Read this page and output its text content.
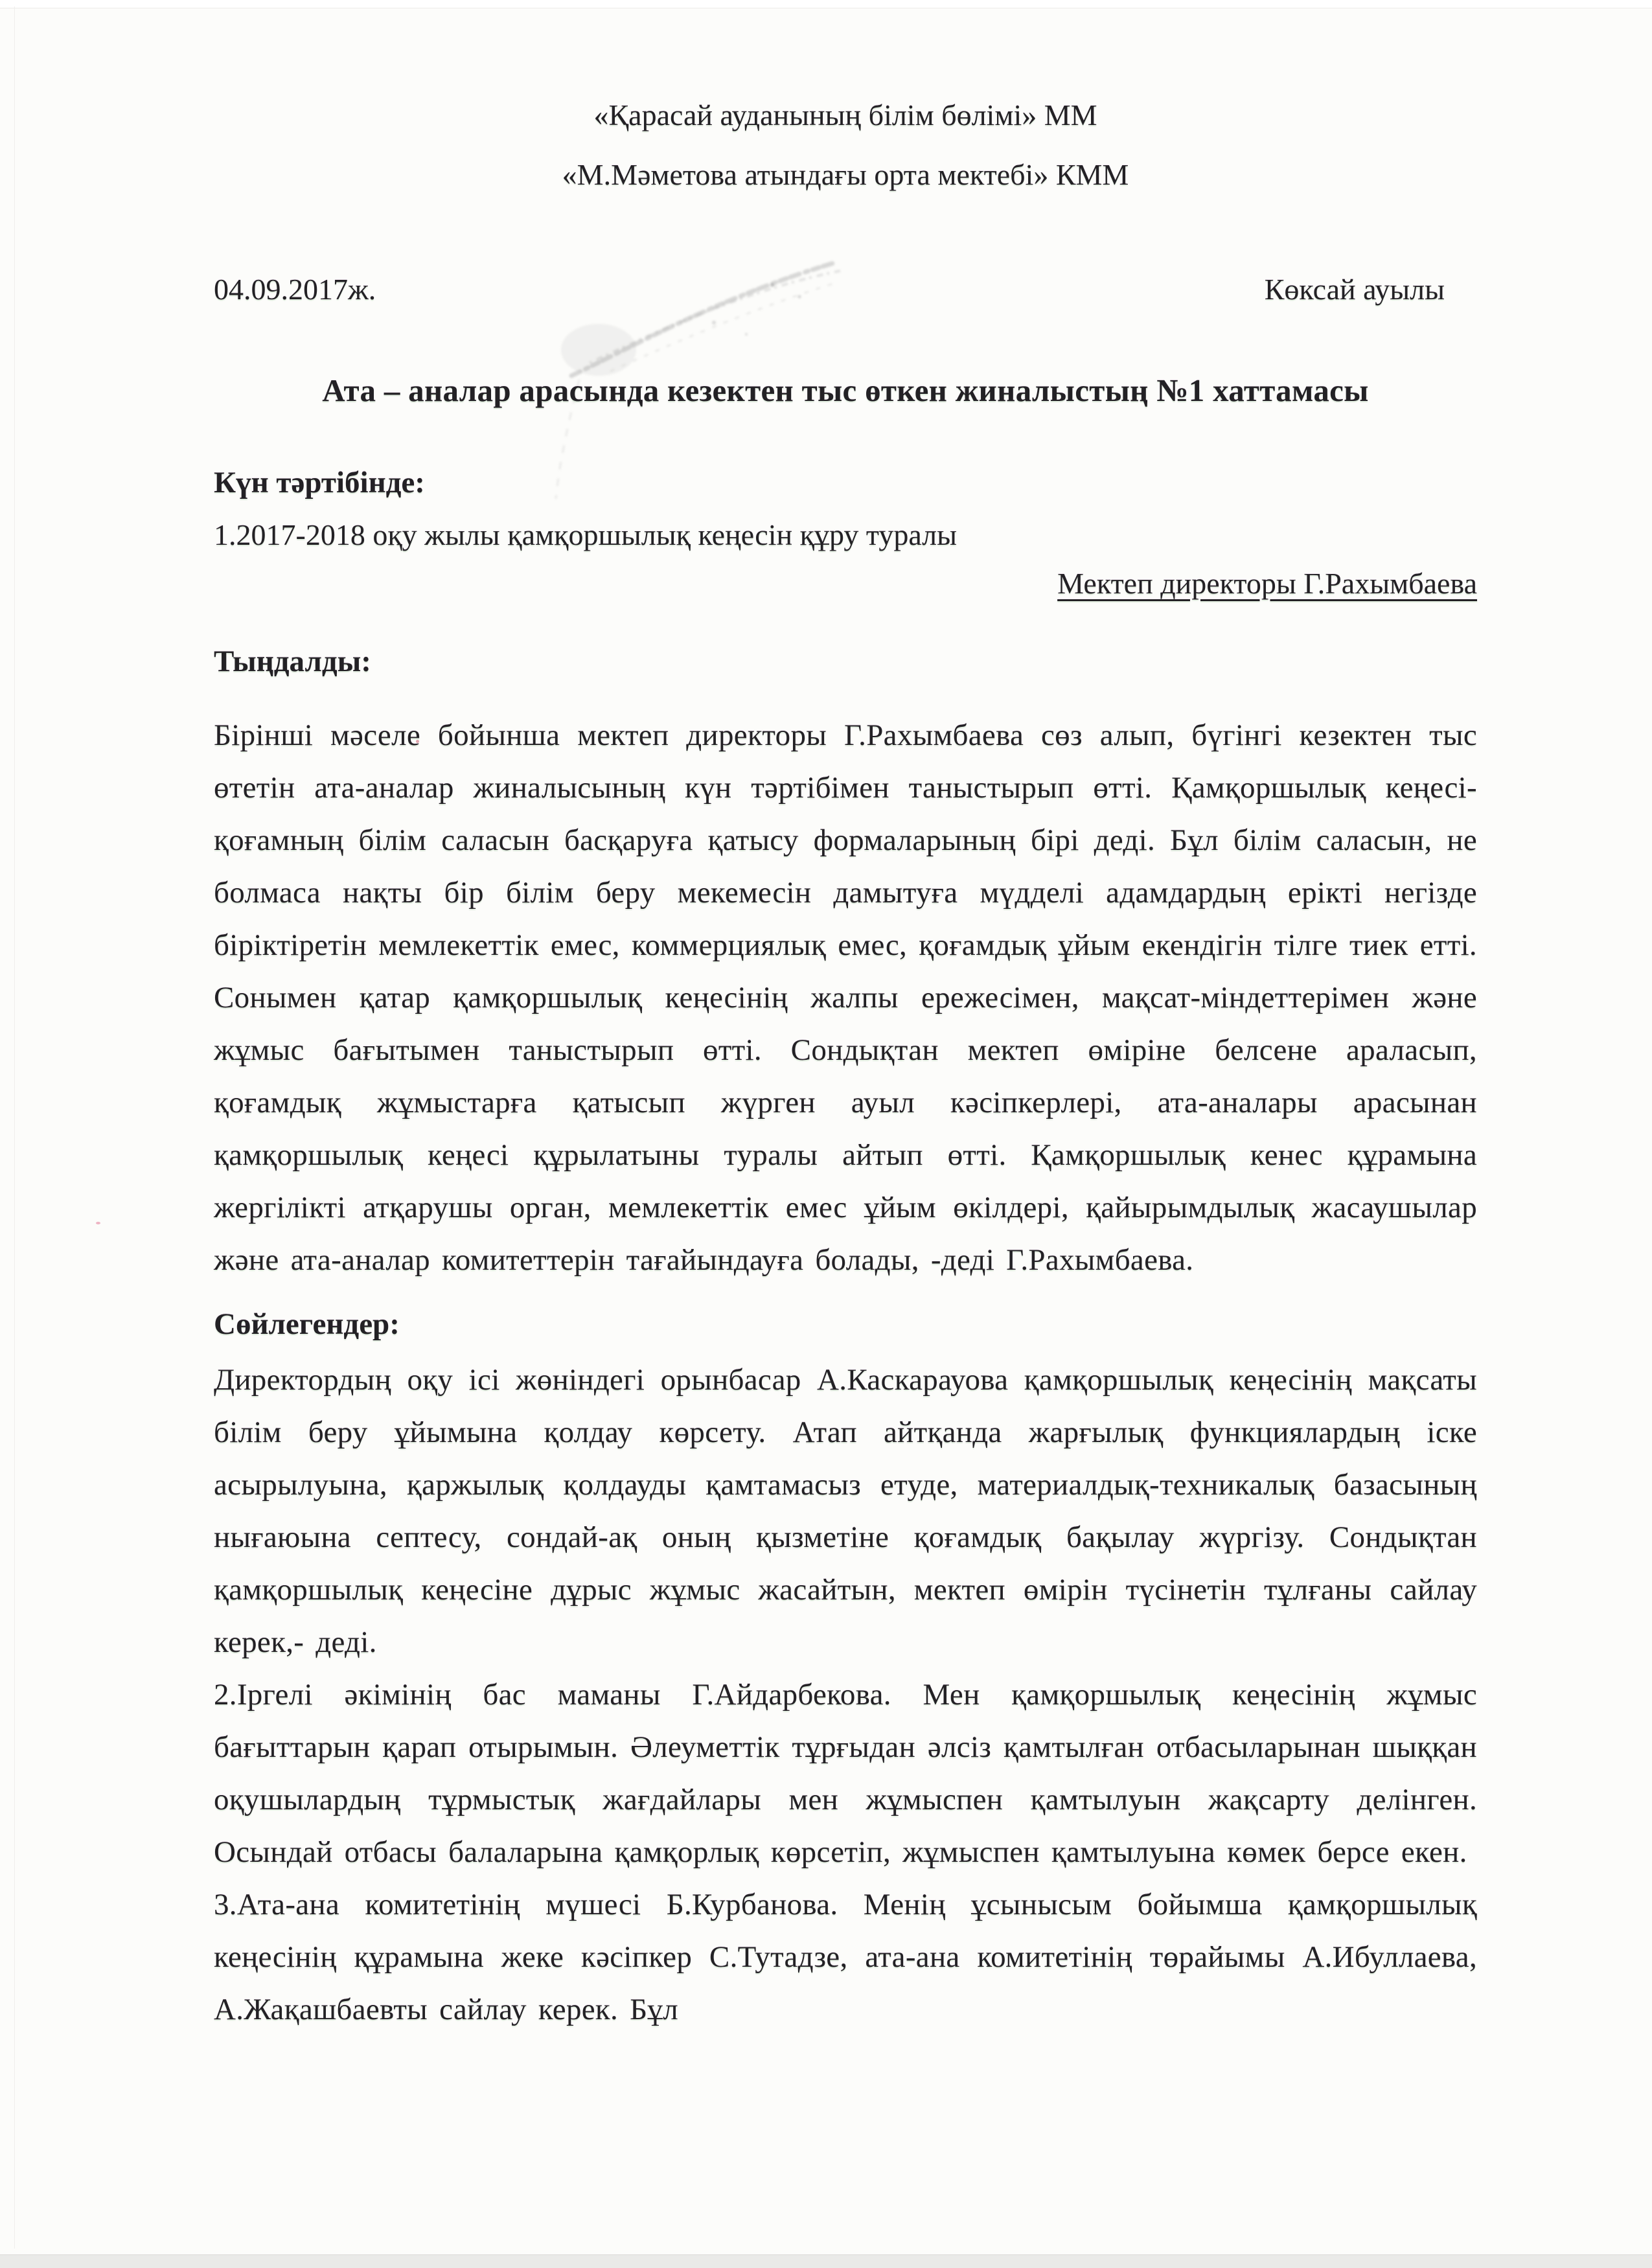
«Қарасай ауданының білім бөлімі» ММ
«М.Мәметова атындағы орта мектебі» КММ
04.09.2017ж.	Көксай ауылы
Ата – аналар арасында кезектен тыс өткен жиналыстың №1 хаттамасы
Күн тәртібінде:
1.2017-2018 оқу жылы қамқоршылық кеңесін құру туралы
Мектеп директоры Г.Рахымбаева
Тыңдалды:

Бірінші мәселе бойынша мектеп директоры Г.Рахымбаева сөз алып, бүгінгі кезектен тыс өтетін ата-аналар жиналысының күн тәртібімен таныстырып өтті. Қамқоршылық кеңесі-қоғамның білім саласын басқаруға қатысу формаларының бірі деді. Бұл білім саласын, не болмаса нақты бір білім беру мекемесін дамытуға мүдделі адамдардың ерікті негізде біріктіретін мемлекеттік емес, коммерциялық емес, қоғамдық ұйым екендігін тілге тиек етті. Сонымен қатар қамқоршылық кеңесінің жалпы ережесімен, мақсат-міндеттерімен және жұмыс бағытымен таныстырып өтті. Сондықтан мектеп өміріне белсене араласып, қоғамдық жұмыстарға қатысып жүрген ауыл кәсіпкерлері, ата-аналары арасынан қамқоршылық кеңесі құрылатыны туралы айтып өтті. Қамқоршылық кенес құрамына жергілікті атқарушы орган, мемлекеттік емес ұйым өкілдері, қайырымдылық жасаушылар және ата-аналар комитеттерін тағайындауға болады, -деді Г.Рахымбаева.

Сөйлегендер:

Директордың оқу ісі жөніндегі орынбасар А.Каскарауова қамқоршылық кеңесінің мақсаты білім беру ұйымына қолдау көрсету. Атап айтқанда жарғылық функциялардың іске асырылуына, қаржылық қолдауды қамтамасыз етуде, материалдық-техникалық базасының нығаюына септесу, сондай-ақ оның қызметіне қоғамдық бақылау жүргізу. Сондықтан қамқоршылық кеңесіне дұрыс жұмыс жасайтын, мектеп өмірін түсінетін тұлғаны сайлау керек,- деді.

2.Іргелі әкімінің бас маманы Г.Айдарбекова. Мен қамқоршылық кеңесінің жұмыс бағыттарын қарап отырымын. Әлеуметтік тұрғыдан әлсіз қамтылған отбасыларынан шыққан оқушылардың тұрмыстық жағдайлары мен жұмыспен қамтылуын жақсарту делінген. Осындай отбасы балаларына қамқорлық көрсетіп, жұмыспен қамтылуына көмек берсе екен.

3.Ата-ана комитетінің мүшесі Б.Курбанова. Менің ұсынысым бойымша қамқоршылық кеңесінің құрамына жеке кәсіпкер С.Тутадзе, ата-ана комитетінің төрайымы А.Ибуллаева, А.Жақашбаевты сайлау керек. Бұл
